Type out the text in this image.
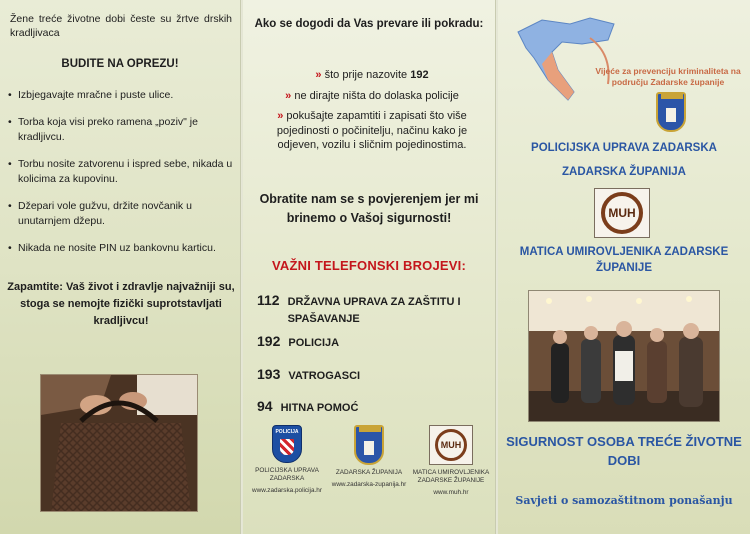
Žene treće životne dobi česte su žrtve drskih kradljivaca

BUDITE NA OPREZU!
• Izbjegavajte mračne i puste ulice.
• Torba koja visi preko ramena „poziv" je kradljivcu.
• Torbu nosite zatvorenu i ispred sebe, nikada u kolicima za kupovinu.
• Džepari vole gužvu, držite novčanik u unutarnjem džepu.
• Nikada ne nosite PIN uz bankovnu karticu.

Zapamtite: Vaš život i zdravlje najvažniji su, stoga se nemojte fizički suprotstavljati kradljivcu!

Ako se dogodi da Vas prevare ili pokradu:
» što prije nazovite 192
» ne dirajte ništa do dolaska policije
» pokušajte zapamtiti i zapisati što više pojedinosti o počinitelju, načinu kako je odjeven, vozilu i sličnim pojedinostima.

Obratite nam se s povjerenjem jer mi brinemo o Vašoj sigurnosti!

VAŽNI TELEFONSKI BROJEVI:
112 DRŽAVNA UPRAVA ZA ZAŠTITU I SPAŠAVANJE
192 POLICIJA
193 VATROGASCI
94 HITNA POMOĆ
POLICIJA
POLICIJSKA UPRAVA ZADARSKA
www.zadarska.policija.hr
ZADARSKA ŽUPANIJA
www.zadarska-zupanija.hr
MUH
MATICA UMIROVLJENIKA ZADARSKE ŽUPANIJE
www.muh.hr
Vijeće za prevenciju kriminaliteta na području Zadarske županije
POLICIJSKA UPRAVA ZADARSKA
ZADARSKA ŽUPANIJA
MUH
MATICA UMIROVLJENIKA ZADARSKE ŽUPANIJE
SIGURNOST OSOBA TREĆE ŽIVOTNE DOBI
Savjeti o samozaštitnom ponašanju
